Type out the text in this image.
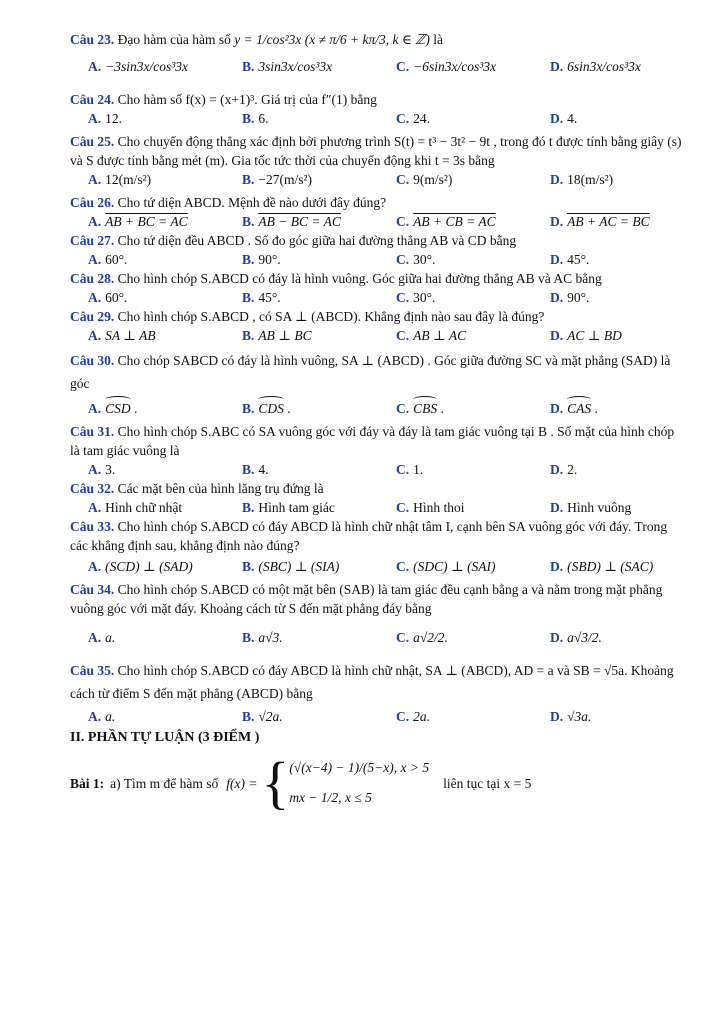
Câu 23. Đạo hàm của hàm số y = 1/cos²3x (x ≠ π/6 + kπ/3, k ∈ ℤ) là
A. −3sin3x/cos³3x	B. 3sin3x/cos³3x	C. −6sin3x/cos³3x	D. 6sin3x/cos³3x
Câu 24. Cho hàm số f(x) = (x+1)³. Giá trị của f″(1) bằng
A. 12.	B. 6.	C. 24.	D. 4.
Câu 25. Cho chuyển động thẳng xác định bởi phương trình S(t) = t³ − 3t² − 9t , trong đó t được tính bằng giây (s) và S được tính bằng mét (m). Gia tốc tức thời của chuyển động khi t = 3s bằng
A. 12(m/s²)	B. −27(m/s²)	C. 9(m/s²)	D. 18(m/s²)
Câu 26. Cho tứ diện ABCD. Mệnh đề nào dưới đây đúng?
A. AB + BC = AC	B. AB − BC = AC	C. AB + CB = AC	D. AB + AC = BC
Câu 27. Cho tứ diện đều ABCD . Số đo góc giữa hai đường thẳng AB và CD bằng
A. 60°.	B. 90°.	C. 30°.	D. 45°.
Câu 28. Cho hình chóp S.ABCD có đáy là hình vuông. Góc giữa hai đường thẳng AB và AC bằng
A. 60°.	B. 45°.	C. 30°.	D. 90°.
Câu 29. Cho hình chóp S.ABCD , có SA ⊥ (ABCD). Khẳng định nào sau đây là đúng?
A. SA ⊥ AB	B. AB ⊥ BC	C. AB ⊥ AC	D. AC ⊥ BD
Câu 30. Cho chóp SABCD có đáy là hình vuông, SA ⊥ (ABCD) . Góc giữa đường SC và mặt phẳng (SAD) là góc
A. CSD .	B. CDS .	C. CBS .	D. CAS .
Câu 31. Cho hình chóp S.ABC có SA vuông góc với đáy và đáy là tam giác vuông tại B . Số mặt của hình chóp là tam giác vuông là
A. 3.	B. 4.	C. 1.	D. 2.
Câu 32. Các mặt bên của hình lăng trụ đứng là
A. Hình chữ nhật	B. Hình tam giác	C. Hình thoi	D. Hình vuông
Câu 33. Cho hình chóp S.ABCD có đáy ABCD là hình chữ nhật tâm I, cạnh bên SA vuông góc với đáy. Trong các khẳng định sau, khẳng định nào đúng?
A. (SCD) ⊥ (SAD)	B. (SBC) ⊥ (SIA)	C. (SDC) ⊥ (SAI)	D. (SBD) ⊥ (SAC)
Câu 34. Cho hình chóp S.ABCD có một mặt bên (SAB) là tam giác đều cạnh bằng a và nằm trong mặt phẳng vuông góc với mặt đáy. Khoảng cách từ S đến mặt phẳng đáy bằng
A. a.	B. a√3.	C. a√2/2.	D. a√3/2.
Câu 35. Cho hình chóp S.ABCD có đáy ABCD là hình chữ nhật, SA ⊥ (ABCD), AD = a và SB = √5a. Khoảng cách từ điểm S đến mặt phẳng (ABCD) bằng
A. a.	B. √2a.	C. 2a.	D. √3a.
II. PHẦN TỰ LUẬN (3 ĐIỂM )
Bài 1: a) Tìm m để hàm số f(x) = { (√(x−4) − 1)/(5−x), x > 5
mx − 1/2, x ≤ 5
liên tục tại x = 5
